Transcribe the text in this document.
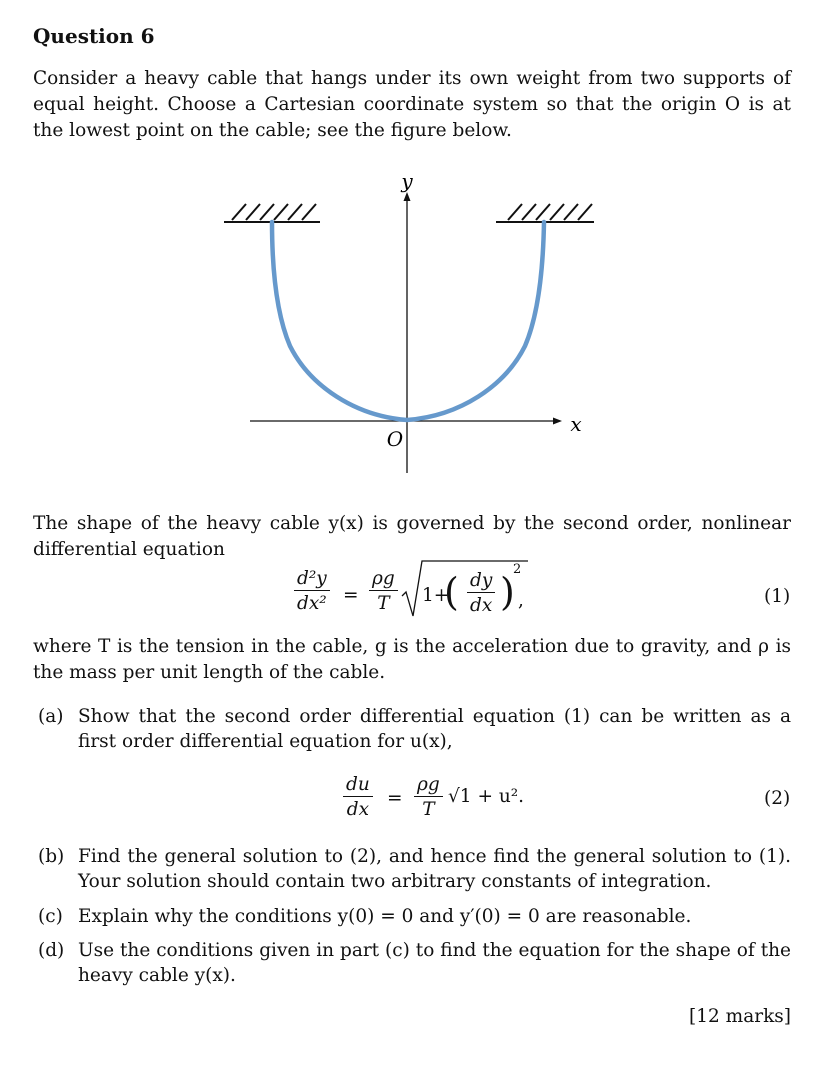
Question 6
Consider a heavy cable that hangs under its own weight from two supports of equal height. Choose a Cartesian coordinate system so that the origin O is at the lowest point on the cable; see the figure below.
y
x
O
The shape of the heavy cable y(x) is governed by the second order, nonlinear differential equation
$\frac{\text{d²y}}{\text{dx²}} = \frac{\rho g}{T} 1+$
( $\frac{dy}{dx}$ )
2
,	(1)
where T is the tension in the cable, g is the acceleration due to gravity, and ρ is the mass per unit length of the cable.
(a) Show that the second order differential equation (1) can be written as a first order differential equation for u(x),
(b) Find the general solution to (2), and hence find the general solution to (1). Your solution should contain two arbitrary constants of integration.
(c) Explain why the conditions y(0) = 0 and y′(0) = 0 are reasonable.
(d) Use the conditions given in part (c) to find the equation for the shape of the heavy cable y(x).
$\frac{du}{dx} = \frac{\rho g}{T} √1 + u^2$.	(2)
[12 marks]
